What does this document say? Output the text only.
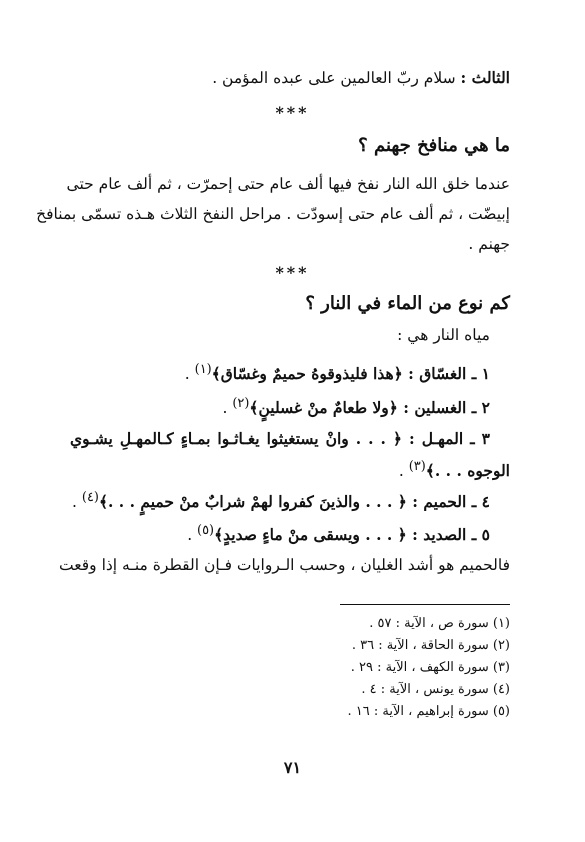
الثالث : سلام ربّ العالمين على عبده المؤمن .
***
ما هي منافخ جهنم ؟
عندما خلق الله النار نفخ فيها ألف عام حتى إحمرّت ، ثم ألف عام حتى
إبيضّت ، ثم ألف عام حتى إسودّت . مراحل النفخ الثلاث هـذه تسمّى بمنافخ
جهنم .
***
كم نوع من الماء في النار ؟
مياه النار هي :
١ ـ الغسّاق : ﴿هذا فليذوقوهُ حميمٌ وغسّاق﴾$^{(١)}$ .
٢ ـ الغسلين : ﴿ولا طعامٌ منْ غسلينٍ﴾$^{(٢)}$ .
٣ ـ المهـل : ﴿ . . . وانْ يستغيثوا يغـاثـوا بمـاءٍ كـالمهـلِ يشـوي
الوجوه . . .﴾$^{(٣)}$ .
٤ ـ الحميم : ﴿ . . . والذينَ كفروا لهمْ شرابٌ منْ حميمٍ . . .﴾$^{(٤)}$ .
٥ ـ الصديد : ﴿ . . . ويسقى منْ ماءٍ صديدٍ﴾$^{(٥)}$ .
فالحميم هو أشد الغليان ، وحسب الـروايات فـإن القطرة منـه إذا وقعت
(١) سورة ص ، الآية : ٥٧ .
(٢) سورة الحاقة ، الآية : ٣٦ .
(٣) سورة الكهف ، الآية : ٢٩ .
(٤) سورة يونس ، الآية : ٤ .
(٥) سورة إبراهيم ، الآية : ١٦ .
٧١
